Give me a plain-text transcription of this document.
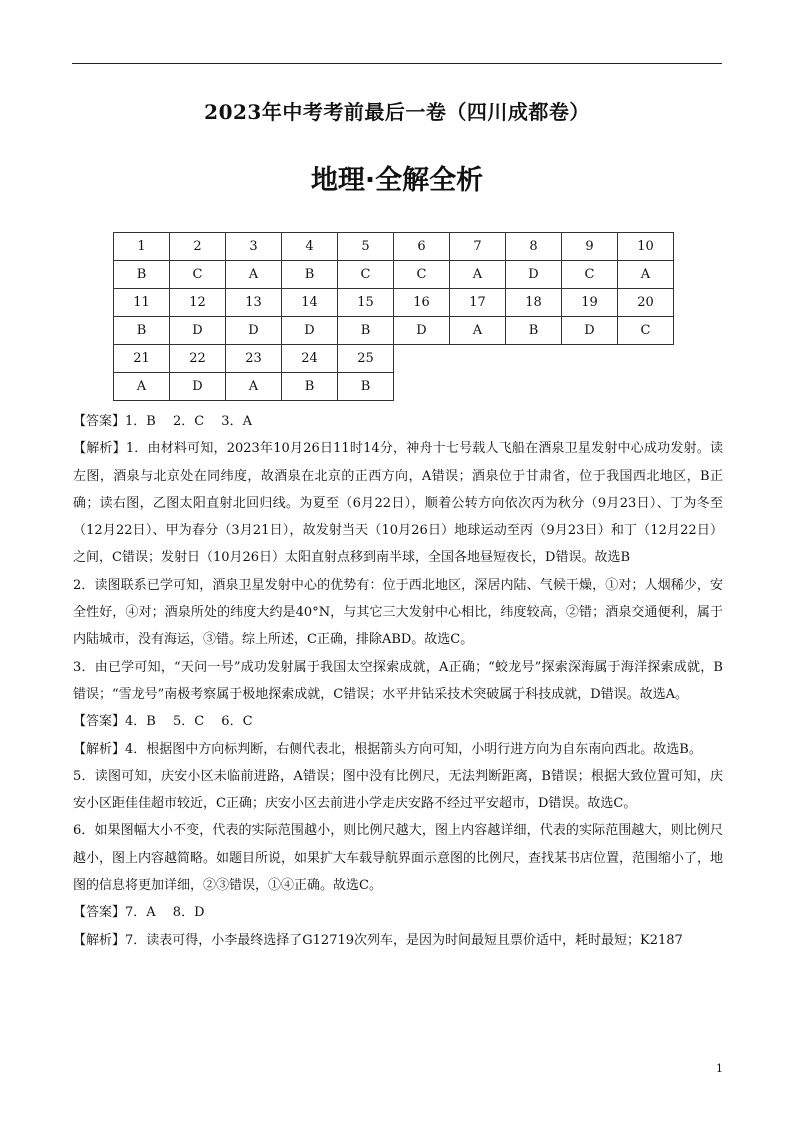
2023年中考考前最后一卷（四川成都卷）
地理·全解全析
1	2	3	4	5	6	7	8	9	10
B	C	A	B	C	C	A	D	C	A
11	12	13	14	15	16	17	18	19	20
B	D	D	D	B	D	A	B	D	C
21	22	23	24	25					
A	D	A	B	B					

【答案】1．B　 2．C　 3．A

【解析】1．由材料可知，2023年10月26日11时14分，神舟十七号载人飞船在酒泉卫星发射中心成功发射。读左图，酒泉与北京处在同纬度，故酒泉在北京的正西方向，A错误；酒泉位于甘肃省，位于我国西北地区，B正确；读右图，乙图太阳直射北回归线。为夏至（6月22日），顺着公转方向依次丙为秋分（9月23日）、丁为冬至（12月22日）、甲为春分（3月21日），故发射当天（10月26日）地球运动至丙（9月23日）和丁（12月22日）之间，C错误；发射日（10月26日）太阳直射点移到南半球，全国各地昼短夜长，D错误。故选B

2．读图联系已学可知，酒泉卫星发射中心的优势有：位于西北地区，深居内陆、气候干燥，①对；人烟稀少，安全性好，④对；酒泉所处的纬度大约是40°N，与其它三大发射中心相比，纬度较高，②错；酒泉交通便利，属于内陆城市，没有海运，③错。综上所述，C正确，排除ABD。故选C。

3．由已学可知，“天问一号”成功发射属于我国太空探索成就，A正确；“蛟龙号”探索深海属于海洋探索成就，B错误；“雪龙号”南极考察属于极地探索成就，C错误；水平井钻采技术突破属于科技成就，D错误。故选A。

【答案】4．B　 5．C　 6．C

【解析】4．根据图中方向标判断，右侧代表北，根据箭头方向可知，小明行进方向为自东南向西北。故选B。

5．读图可知，庆安小区未临前进路，A错误；图中没有比例尺，无法判断距离，B错误；根据大致位置可知，庆安小区距佳佳超市较近，C正确；庆安小区去前进小学走庆安路不经过平安超市，D错误。故选C。

6．如果图幅大小不变，代表的实际范围越小，则比例尺越大，图上内容越详细，代表的实际范围越大，则比例尺越小，图上内容越简略。如题目所说，如果扩大车载导航界面示意图的比例尺，查找某书店位置，范围缩小了，地图的信息将更加详细，②③错误，①④正确。故选C。

【答案】7．A　 8．D

【解析】7．读表可得，小李最终选择了G12719次列车，是因为时间最短且票价适中，耗时最短；K2187

1
